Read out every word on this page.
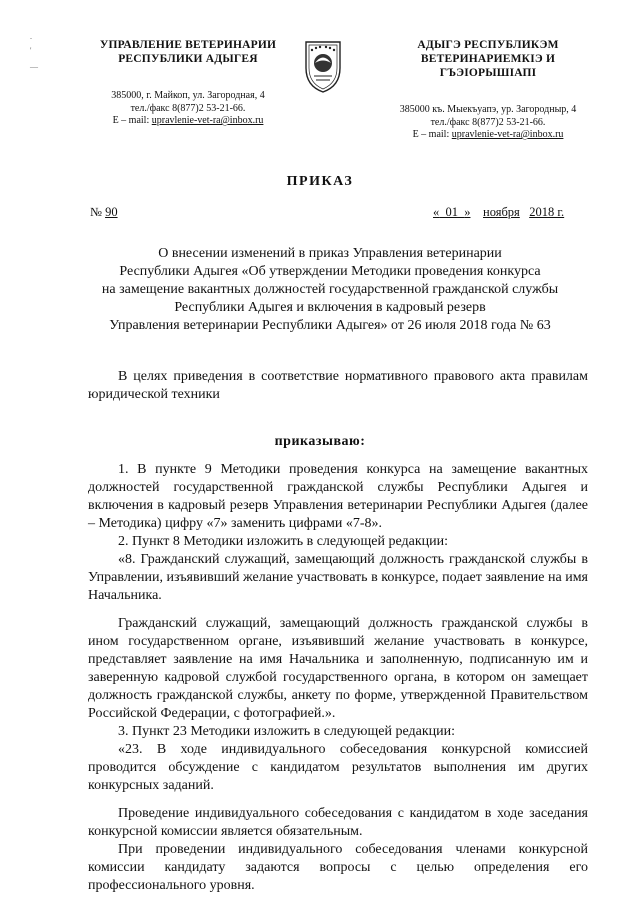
.
'
—
УПРАВЛЕНИЕ ВЕТЕРИНАРИИ
РЕСПУБЛИКИ АДЫГЕЯ
385000, г. Майкоп, ул. Загородная, 4
тел./факс 8(877)2 53-21-66.
E – mail: upravlenie-vet-ra@inbox.ru
АДЫГЭ РЕСПУБЛИКЭМ
ВЕТЕРИНАРИЕМКIЭ И ГЪЭIОРЫШIАПI
385000 къ. Мыекъуапэ, ур. Загородныр, 4
тел./факс 8(877)2 53-21-66.
E – mail: upravlenie-vet-ra@inbox.ru
ПРИКАЗ
№ 90	« 01 » ноября 2018 г.
О внесении изменений в приказ Управления ветеринарии
Республики Адыгея «Об утверждении Методики проведения конкурса
на замещение вакантных должностей государственной гражданской службы
Республики Адыгея и включения в кадровый резерв
Управления ветеринарии Республики Адыгея» от 26 июля 2018 года № 63

В целях приведения в соответствие нормативного правового акта правилам юридической техники

приказываю:

1. В пункте 9 Методики проведения конкурса на замещение вакантных должностей государственной гражданской службы Республики Адыгея и включения в кадровый резерв Управления ветеринарии Республики Адыгея (далее – Методика) цифру «7» заменить цифрами «7-8».

2. Пункт 8 Методики изложить в следующей редакции:

«8. Гражданский служащий, замещающий должность гражданской службы в Управлении, изъявивший желание участвовать в конкурсе, подает заявление на имя Начальника.

Гражданский служащий, замещающий должность гражданской службы в ином государственном органе, изъявивший желание участвовать в конкурсе, представляет заявление на имя Начальника и заполненную, подписанную им и заверенную кадровой службой государственного органа, в котором он замещает должность гражданской службы, анкету по форме, утвержденной Правительством Российской Федерации, с фотографией.».

3. Пункт 23 Методики изложить в следующей редакции:

«23. В ходе индивидуального собеседования конкурсной комиссией проводится обсуждение с кандидатом результатов выполнения им других конкурсных заданий.

Проведение индивидуального собеседования с кандидатом в ходе заседания конкурсной комиссии является обязательным.

При проведении индивидуального собеседования членами конкурсной комиссии кандидату задаются вопросы с целью определения его профессионального уровня.
